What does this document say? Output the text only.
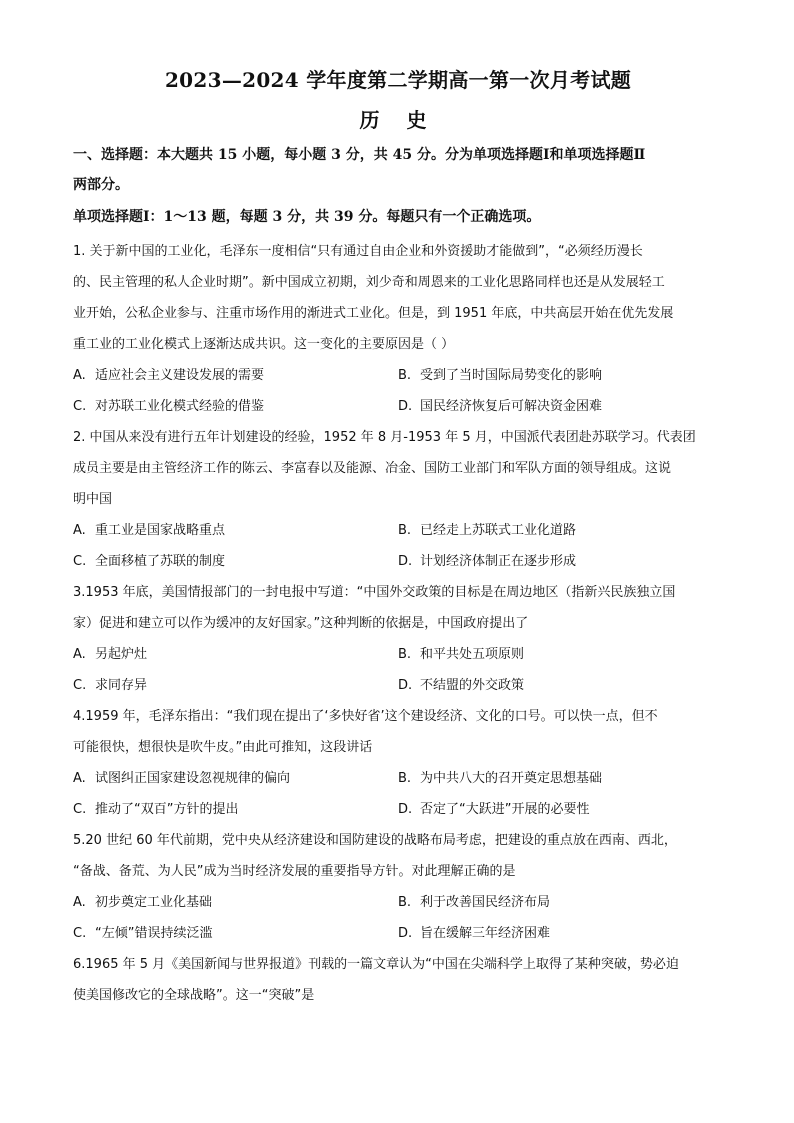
2023—2024 学年度第二学期高一第一次月考试题
历 史
一、选择题：本大题共 15 小题，每小题 3 分，共 45 分。分为单项选择题Ⅰ和单项选择题Ⅱ
两部分。
单项选择题Ⅰ：1～13 题，每题 3 分，共 39 分。每题只有一个正确选项。

1. 关于新中国的工业化，毛泽东一度相信“只有通过自由企业和外资援助才能做到”，“必须经历漫长
的、民主管理的私人企业时期”。新中国成立初期，刘少奇和周恩来的工业化思路同样也还是从发展轻工
业开始，公私企业参与、注重市场作用的渐进式工业化。但是，到 1951 年底，中共高层开始在优先发展
重工业的工业化模式上逐渐达成共识。这一变化的主要原因是（ ）

A. 适应社会主义建设发展的需要	B. 受到了当时国际局势变化的影响
C. 对苏联工业化模式经验的借鉴	D. 国民经济恢复后可解决资金困难

2. 中国从来没有进行五年计划建设的经验，1952 年 8 月-1953 年 5 月，中国派代表团赴苏联学习。代表团
成员主要是由主管经济工作的陈云、李富春以及能源、冶金、国防工业部门和军队方面的领导组成。这说
明中国

A. 重工业是国家战略重点	B. 已经走上苏联式工业化道路
C. 全面移植了苏联的制度	D. 计划经济体制正在逐步形成

3.1953 年底，美国情报部门的一封电报中写道：“中国外交政策的目标是在周边地区（指新兴民族独立国
家）促进和建立可以作为缓冲的友好国家。”这种判断的依据是，中国政府提出了

A. 另起炉灶	B. 和平共处五项原则
C. 求同存异	D. 不结盟的外交政策

4.1959 年，毛泽东指出：“我们现在提出了‘多快好省’这个建设经济、文化的口号。可以快一点，但不
可能很快，想很快是吹牛皮。”由此可推知，这段讲话

A. 试图纠正国家建设忽视规律的偏向	B. 为中共八大的召开奠定思想基础
C. 推动了“双百”方针的提出	D. 否定了“大跃进”开展的必要性

5.20 世纪 60 年代前期，党中央从经济建设和国防建设的战略布局考虑，把建设的重点放在西南、西北，
“备战、备荒、为人民”成为当时经济发展的重要指导方针。对此理解正确的是

A. 初步奠定工业化基础	B. 利于改善国民经济布局
C. “左倾”错误持续泛滥	D. 旨在缓解三年经济困难

6.1965 年 5 月《美国新闻与世界报道》刊载的一篇文章认为“中国在尖端科学上取得了某种突破，势必迫
使美国修改它的全球战略”。这一“突破”是
